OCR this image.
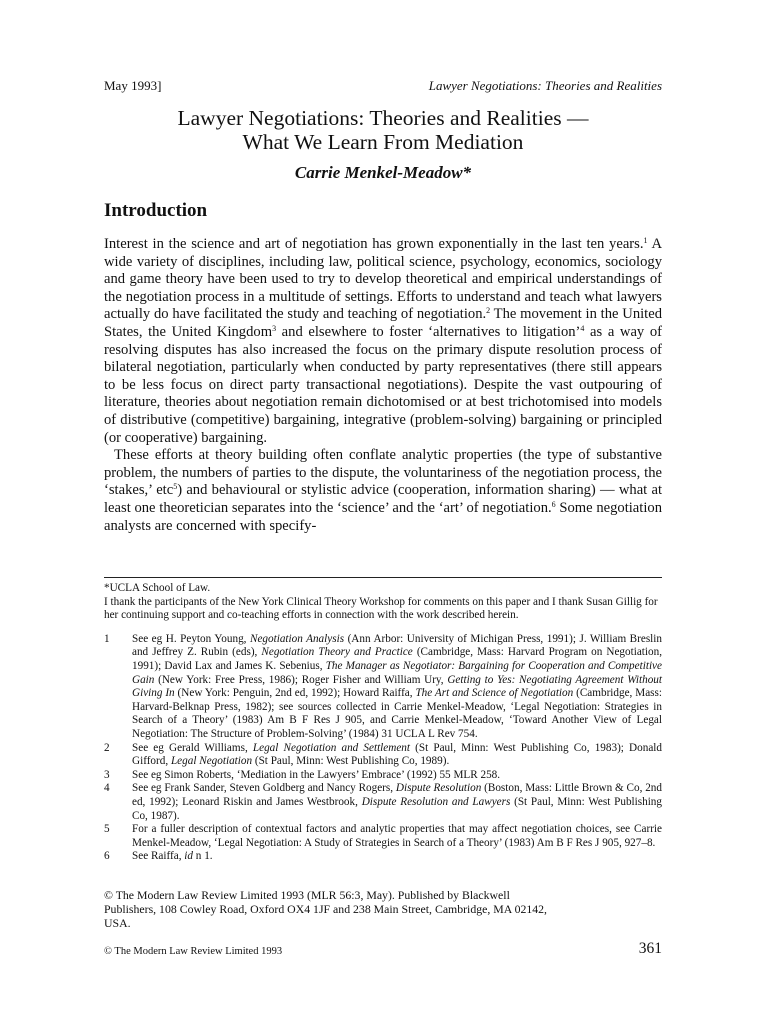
May 1993]	Lawyer Negotiations: Theories and Realities
Lawyer Negotiations: Theories and Realities —
What We Learn From Mediation
Carrie Menkel-Meadow*
Introduction

Interest in the science and art of negotiation has grown exponentially in the last ten years.$^1$ A wide variety of disciplines, including law, political science, psychology, economics, sociology and game theory have been used to try to develop theoretical and empirical understandings of the negotiation process in a multitude of settings. Efforts to understand and teach what lawyers actually do have facilitated the study and teaching of negotiation.$^2$ The movement in the United States, the United Kingdom$^3$ and elsewhere to foster ‘alternatives to litigation’$^4$ as a way of resolving disputes has also increased the focus on the primary dispute resolution process of bilateral negotiation, particularly when conducted by party representatives (there still appears to be less focus on direct party transactional negotiations). Despite the vast outpouring of literature, theories about negotiation remain dichotomised or at best trichotomised into models of distributive (competitive) bargaining, integrative (problem-solving) bargaining or principled (or cooperative) bargaining.

These efforts at theory building often conflate analytic properties (the type of substantive problem, the numbers of parties to the dispute, the voluntariness of the negotiation process, the ‘stakes,’ etc$^5$) and behavioural or stylistic advice (cooperation, information sharing) — what at least one theoretician separates into the ‘science’ and the ‘art’ of negotiation.$^6$ Some negotiation analysts are concerned with specify-

*UCLA School of Law.

I thank the participants of the New York Clinical Theory Workshop for comments on this paper and I thank Susan Gillig for her continuing support and co-teaching efforts in connection with the work described herein.

1 See eg H. Peyton Young, Negotiation Analysis (Ann Arbor: University of Michigan Press, 1991); J. William Breslin and Jeffrey Z. Rubin (eds), Negotiation Theory and Practice (Cambridge, Mass: Harvard Program on Negotiation, 1991); David Lax and James K. Sebenius, The Manager as Negotiator: Bargaining for Cooperation and Competitive Gain (New York: Free Press, 1986); Roger Fisher and William Ury, Getting to Yes: Negotiating Agreement Without Giving In (New York: Penguin, 2nd ed, 1992); Howard Raiffa, The Art and Science of Negotiation (Cambridge, Mass: Harvard-Belknap Press, 1982); see sources collected in Carrie Menkel-Meadow, ‘Legal Negotiation: Strategies in Search of a Theory’ (1983) Am B F Res J 905, and Carrie Menkel-Meadow, ‘Toward Another View of Legal Negotiation: The Structure of Problem-Solving’ (1984) 31 UCLA L Rev 754.
2 See eg Gerald Williams, Legal Negotiation and Settlement (St Paul, Minn: West Publishing Co, 1983); Donald Gifford, Legal Negotiation (St Paul, Minn: West Publishing Co, 1989).
3 See eg Simon Roberts, ‘Mediation in the Lawyers’ Embrace’ (1992) 55 MLR 258.
4 See eg Frank Sander, Steven Goldberg and Nancy Rogers, Dispute Resolution (Boston, Mass: Little Brown & Co, 2nd ed, 1992); Leonard Riskin and James Westbrook, Dispute Resolution and Lawyers (St Paul, Minn: West Publishing Co, 1987).
5 For a fuller description of contextual factors and analytic properties that may affect negotiation choices, see Carrie Menkel-Meadow, ‘Legal Negotiation: A Study of Strategies in Search of a Theory’ (1983) Am B F Res J 905, 927–8.
6 See Raiffa, id n 1.
© The Modern Law Review Limited 1993 (MLR 56:3, May). Published by Blackwell Publishers, 108 Cowley Road, Oxford OX4 1JF and 238 Main Street, Cambridge, MA 02142, USA.
© The Modern Law Review Limited 1993	361
